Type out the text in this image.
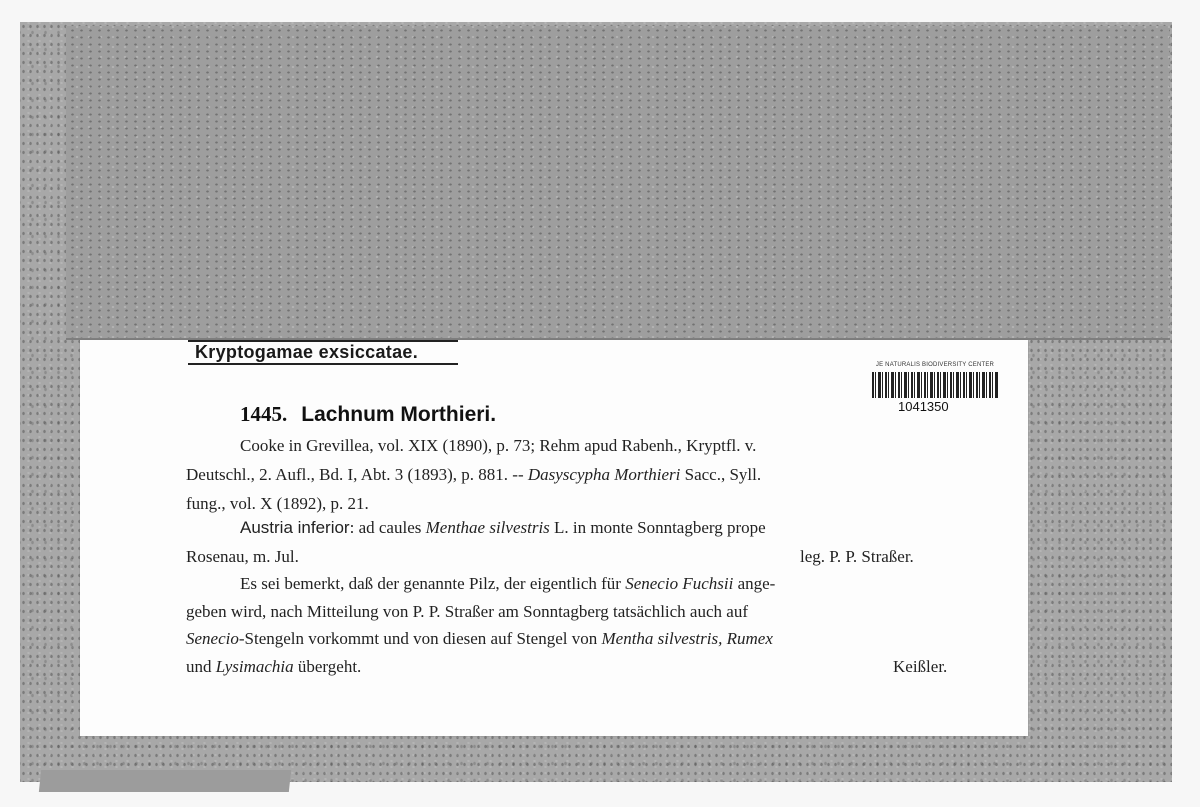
Kryptogamae exsiccatae.
JE NATURALIS BIODIVERSITY CENTER
1041350
1445. Lachnum Morthieri.
Cooke in Grevillea, vol. XIX (1890), p. 73; Rehm apud Rabenh., Kryptfl. v.
Deutschl., 2. Aufl., Bd. I, Abt. 3 (1893), p. 881. -- Dasyscypha Morthieri Sacc., Syll.
fung., vol. X (1892), p. 21.
Austria inferior: ad caules Menthae silvestris L. in monte Sonntagberg prope
Rosenau, m. Jul.	leg. P. P. Straßer.
Es sei bemerkt, daß der genannte Pilz, der eigentlich für Senecio Fuchsii ange-
geben wird, nach Mitteilung von P. P. Straßer am Sonntagberg tatsächlich auch auf
Senecio-Stengeln vorkommt und von diesen auf Stengel von Mentha silvestris, Rumex
und Lysimachia übergeht.	Keißler.
